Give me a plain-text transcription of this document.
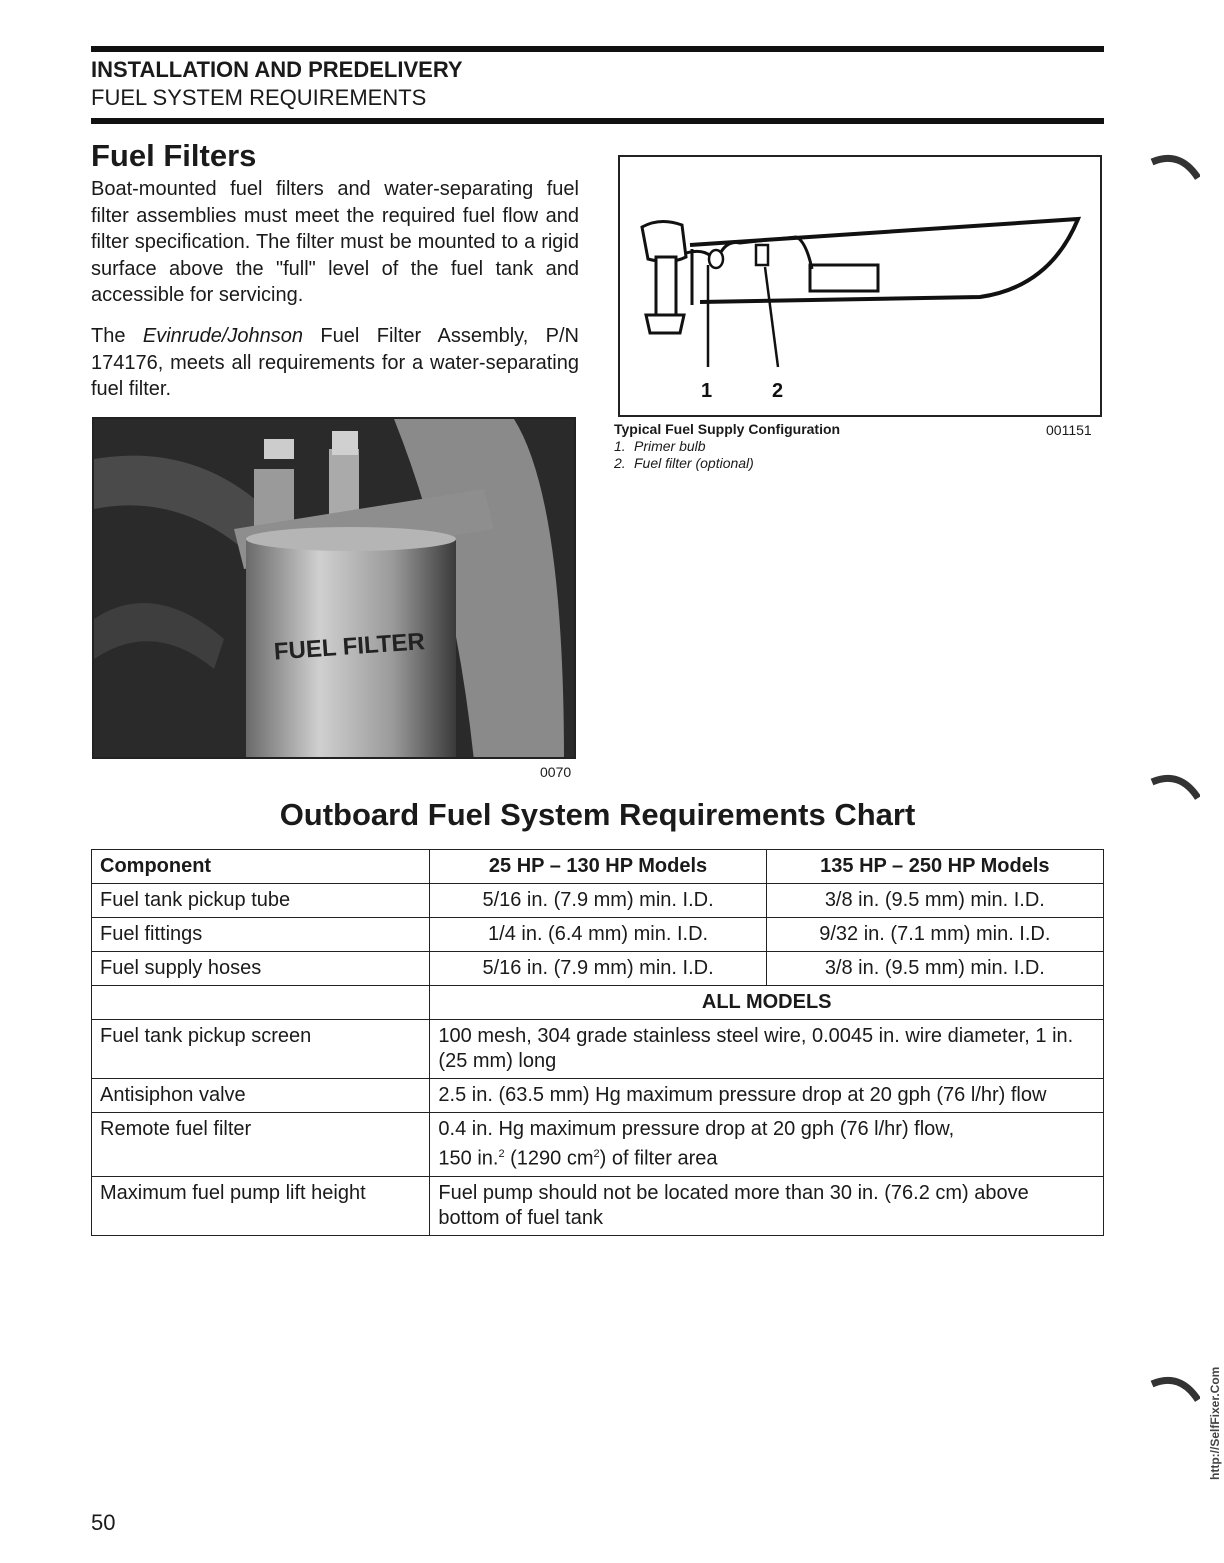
INSTALLATION AND PREDELIVERY
FUEL SYSTEM REQUIREMENTS
Fuel Filters

Boat-mounted fuel filters and water-separating fuel filter assemblies must meet the required fuel flow and filter specification. The filter must be mounted to a rigid surface above the "full" level of the fuel tank and accessible for servicing.

The Evinrude/Johnson Fuel Filter Assembly, P/N 174176, meets all requirements for a water-separating fuel filter.

FUEL FILTER
0070
1	2
Typical Fuel Supply Configuration
1. Primer bulb
2. Fuel filter (optional)
001151
Outboard Fuel System Requirements Chart
Component	25 HP – 130 HP Models	135 HP – 250 HP Models
Fuel tank pickup tube	5/16 in. (7.9 mm) min. I.D.	3/8 in. (9.5 mm) min. I.D.
Fuel fittings	1/4 in. (6.4 mm) min. I.D.	9/32 in. (7.1 mm) min. I.D.
Fuel supply hoses	5/16 in. (7.9 mm) min. I.D.	3/8 in. (9.5 mm) min. I.D.
	ALL MODELS	
Fuel tank pickup screen	100 mesh, 304 grade stainless steel wire, 0.0045 in. wire diameter, 1 in. (25 mm) long	
Antisiphon valve	2.5 in. (63.5 mm) Hg maximum pressure drop at 20 gph (76 l/hr) flow	
Remote fuel filter	0.4 in. Hg maximum pressure drop at 20 gph (76 l/hr) flow,
150 in.$^2$ (1290 $cm^2$) of filter area	
Maximum fuel pump lift height	Fuel pump should not be located more than 30 in. (76.2 cm) above bottom of fuel tank	
50
http://SelfFixer.Com
